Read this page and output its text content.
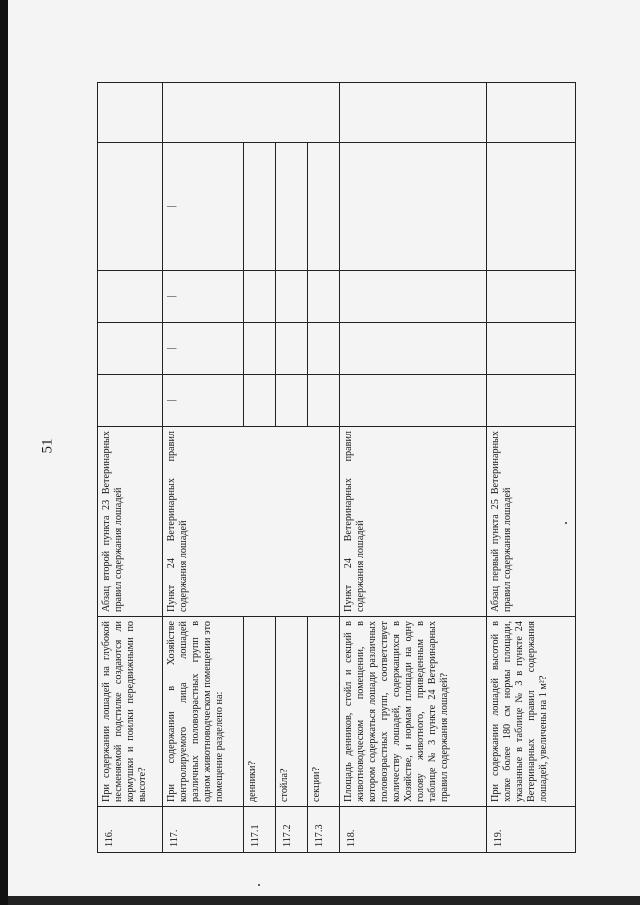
51
116.	При содержании лошадей на глубокой несменяемой подстилке создаются ли кормушки и поилки передвижными по высоте?	Абзац второй пункта 23 Ветеринарных правил содержания лошадей					
117.	При содержании в Хозяйстве контролируемого лица лошадей различных половозрастных групп в одном животноводческом помещении это помещение разделено на:	Пункт 24 Ветеринарных правил содержания лошадей	|	|	|	|	
117.1	денники?						
117.2	стойла?						
117.3	секции?						
118.	Площадь денников, стойл и секций в животноводческом помещении, в котором содержаться лошади различных половозрастных групп, соответствует количеству лошадей, содержащихся в Хозяйстве, и нормам площади на одну голову животного, приведенным в таблице № 3 пункте 24 Ветеринарных правил содержания лошадей?	Пункт 24 Ветеринарных правил содержания лошадей					
119.	При содержании лошадей высотой в холке более 180 см нормы площади, указанные в таблице № 3 в пункте 24 Ветеринарных правил содержания лошадей, увеличены на 1 м²?	Абзац первый пункта 25 Ветеринарных правил содержания лошадей					
